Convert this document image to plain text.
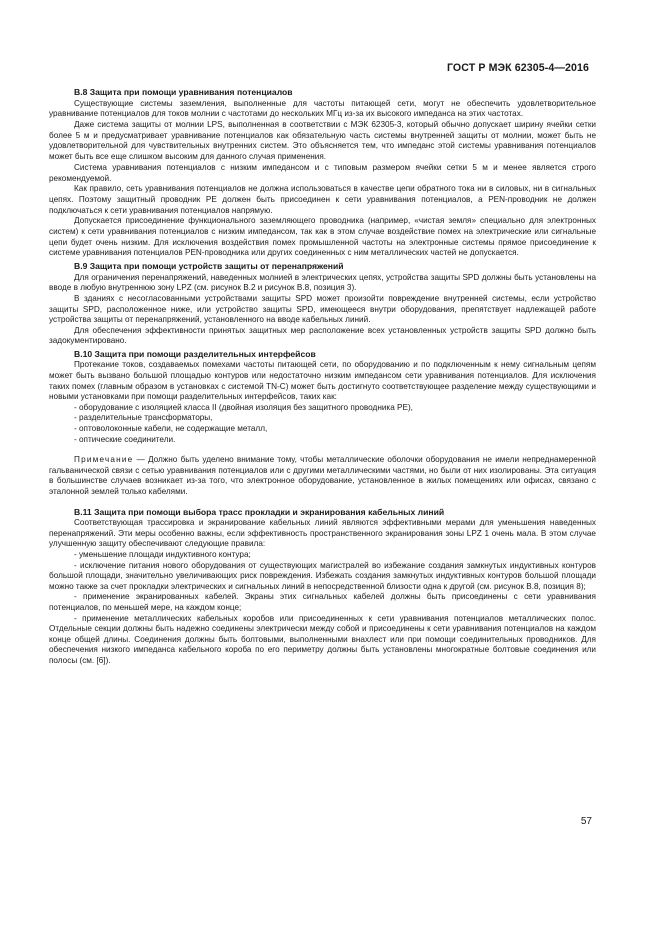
ГОСТ Р МЭК 62305-4—2016
В.8 Защита при помощи уравнивания потенциалов

Существующие системы заземления, выполненные для частоты питающей сети, могут не обеспечить удовлетворительное уравнивание потенциалов для токов молнии с частотами до нескольких МГц из-за их высокого импеданса на этих частотах.

Даже система защиты от молнии LPS, выполненная в соответствии с МЭК 62305-3, который обычно допускает ширину ячейки сетки более 5 м и предусматривает уравнивание потенциалов как обязательную часть системы внутренней защиты от молнии, может быть не удовлетворительной для чувствительных внутренних систем. Это объясняется тем, что импеданс этой системы уравнивания потенциалов может быть все еще слишком высоким для данного случая применения.

Система уравнивания потенциалов с низким импедансом и с типовым размером ячейки сетки 5 м и менее является строго рекомендуемой.

Как правило, сеть уравнивания потенциалов не должна использоваться в качестве цепи обратного тока ни в силовых, ни в сигнальных цепях. Поэтому защитный проводник PE должен быть присоединен к сети уравнивания потенциалов, а PEN-проводник не должен подключаться к сети уравнивания потенциалов напрямую.

Допускается присоединение функционального заземляющего проводника (например, «чистая земля» специально для электронных систем) к сети уравнивания потенциалов с низким импедансом, так как в этом случае воздействие помех на электрические или сигнальные цепи будет очень низким. Для исключения воздействия помех промышленной частоты на электронные системы прямое присоединение к системе уравнивания потенциалов PEN-проводника или других соединенных с ним металлических частей не допускается.

В.9 Защита при помощи устройств защиты от перенапряжений

Для ограничения перенапряжений, наведенных молнией в электрических цепях, устройства защиты SPD должны быть установлены на вводе в любую внутреннюю зону LPZ (см. рисунок В.2 и рисунок В.8, позиция 3).

В зданиях с несогласованными устройствами защиты SPD может произойти повреждение внутренней системы, если устройство защиты SPD, расположенное ниже, или устройство защиты SPD, имеющееся внутри оборудования, препятствует надлежащей работе устройства защиты от перенапряжений, установленного на вводе кабельных линий.

Для обеспечения эффективности принятых защитных мер расположение всех установленных устройств защиты SPD должно быть задокументировано.

В.10 Защита при помощи разделительных интерфейсов

Протекание токов, создаваемых помехами частоты питающей сети, по оборудованию и по подключенным к нему сигнальным цепям может быть вызвано большой площадью контуров или недостаточно низким импедансом сети уравнивания потенциалов. Для исключения таких помех (главным образом в установках с системой TN-C) может быть достигнуто соответствующее разделение между существующими и новыми установками при помощи разделительных интерфейсов, таких как:

- оборудование с изоляцией класса II (двойная изоляция без защитного проводника PE),
- разделительные трансформаторы,
- оптоволоконные кабели, не содержащие металл,
- оптические соединители.

Примечание — Должно быть уделено внимание тому, чтобы металлические оболочки оборудования не имели непреднамеренной гальванической связи с сетью уравнивания потенциалов или с другими металлическими частями, но были от них изолированы. Эта ситуация в большинстве случаев возникает из-за того, что электронное оборудование, установленное в жилых помещениях или офисах, связано с эталонной землей только кабелями.

В.11 Защита при помощи выбора трасс прокладки и экранирования кабельных линий

Соответствующая трассировка и экранирование кабельных линий являются эффективными мерами для уменьшения наведенных перенапряжений. Эти меры особенно важны, если эффективность пространственного экранирования зоны LPZ 1 очень мала. В этом случае улучшенную защиту обеспечивают следующие правила:

- уменьшение площади индуктивного контура;
- исключение питания нового оборудования от существующих магистралей во избежание создания замкнутых индуктивных контуров большой площади, значительно увеличивающих риск повреждения. Избежать создания замкнутых индуктивных контуров большой площади можно также за счет прокладки электрических и сигнальных линий в непосредственной близости одна к другой (см. рисунок В.8, позиция 8);
- применение экранированных кабелей. Экраны этих сигнальных кабелей должны быть присоединены с сети уравнивания потенциалов, по меньшей мере, на каждом конце;
- применение металлических кабельных коробов или присоединенных к сети уравнивания потенциалов металлических полос. Отдельные секции должны быть надежно соединены электрически между собой и присоединены к сети уравнивания потенциалов на каждом конце общей длины. Соединения должны быть болтовыми, выполненными внахлест или при помощи соединительных проводников. Для обеспечения низкого импеданса кабельного короба по его периметру должны быть установлены многократные болтовые соединения или полосы (см. [6]).
57
